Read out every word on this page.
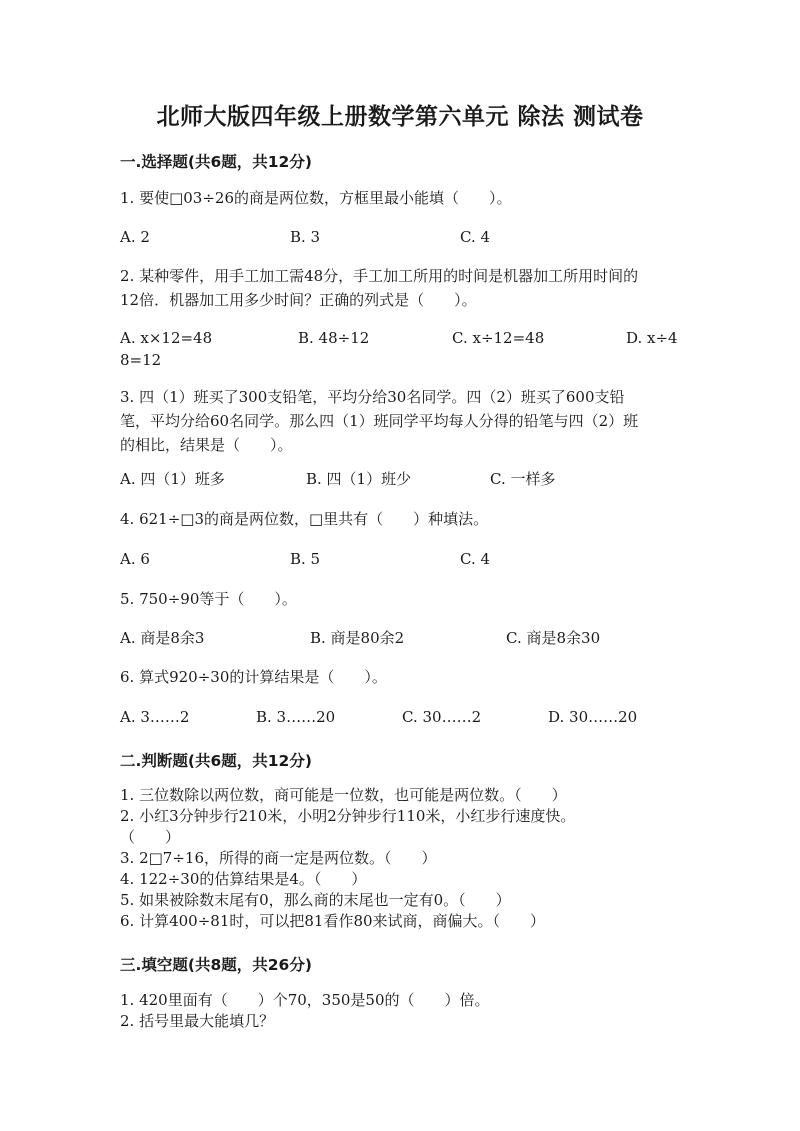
北师大版四年级上册数学第六单元 除法 测试卷

一.选择题(共6题，共12分)

1. 要使□03÷26的商是两位数，方框里最小能填（　　）。

A. 2	B. 3	C. 4

2. 某种零件，用手工加工需48分，手工加工所用的时间是机器加工所用时间的

12倍．机器加工用多少时间？正确的列式是（　　）。

A. x×12=48	B. 48÷12	C. x÷12=48	D. x÷4

8=12

3. 四（1）班买了300支铅笔，平均分给30名同学。四（2）班买了600支铅

笔，平均分给60名同学。那么四（1）班同学平均每人分得的铅笔与四（2）班

的相比，结果是（　　）。

A. 四（1）班多	B. 四（1）班少	C. 一样多

4. 621÷□3的商是两位数，□里共有（　　）种填法。

A. 6	B. 5	C. 4

5. 750÷90等于（　　）。

A. 商是8余3	B. 商是80余2	C. 商是8余30

6. 算式920÷30的计算结果是（　　）。

A. 3……2	B. 3……20	C. 30……2	D. 30……20

二.判断题(共6题，共12分)

1. 三位数除以两位数，商可能是一位数，也可能是两位数。（　　）

2. 小红3分钟步行210米，小明2分钟步行110米，小红步行速度快。

（　　）

3. 2□7÷16，所得的商一定是两位数。（　　）

4. 122÷30的估算结果是4。（　　）

5. 如果被除数末尾有0，那么商的末尾也一定有0。（　　）

6. 计算400÷81时，可以把81看作80来试商，商偏大。（　　）

三.填空题(共8题，共26分)

1. 420里面有（　　）个70，350是50的（　　）倍。

2. 括号里最大能填几？
